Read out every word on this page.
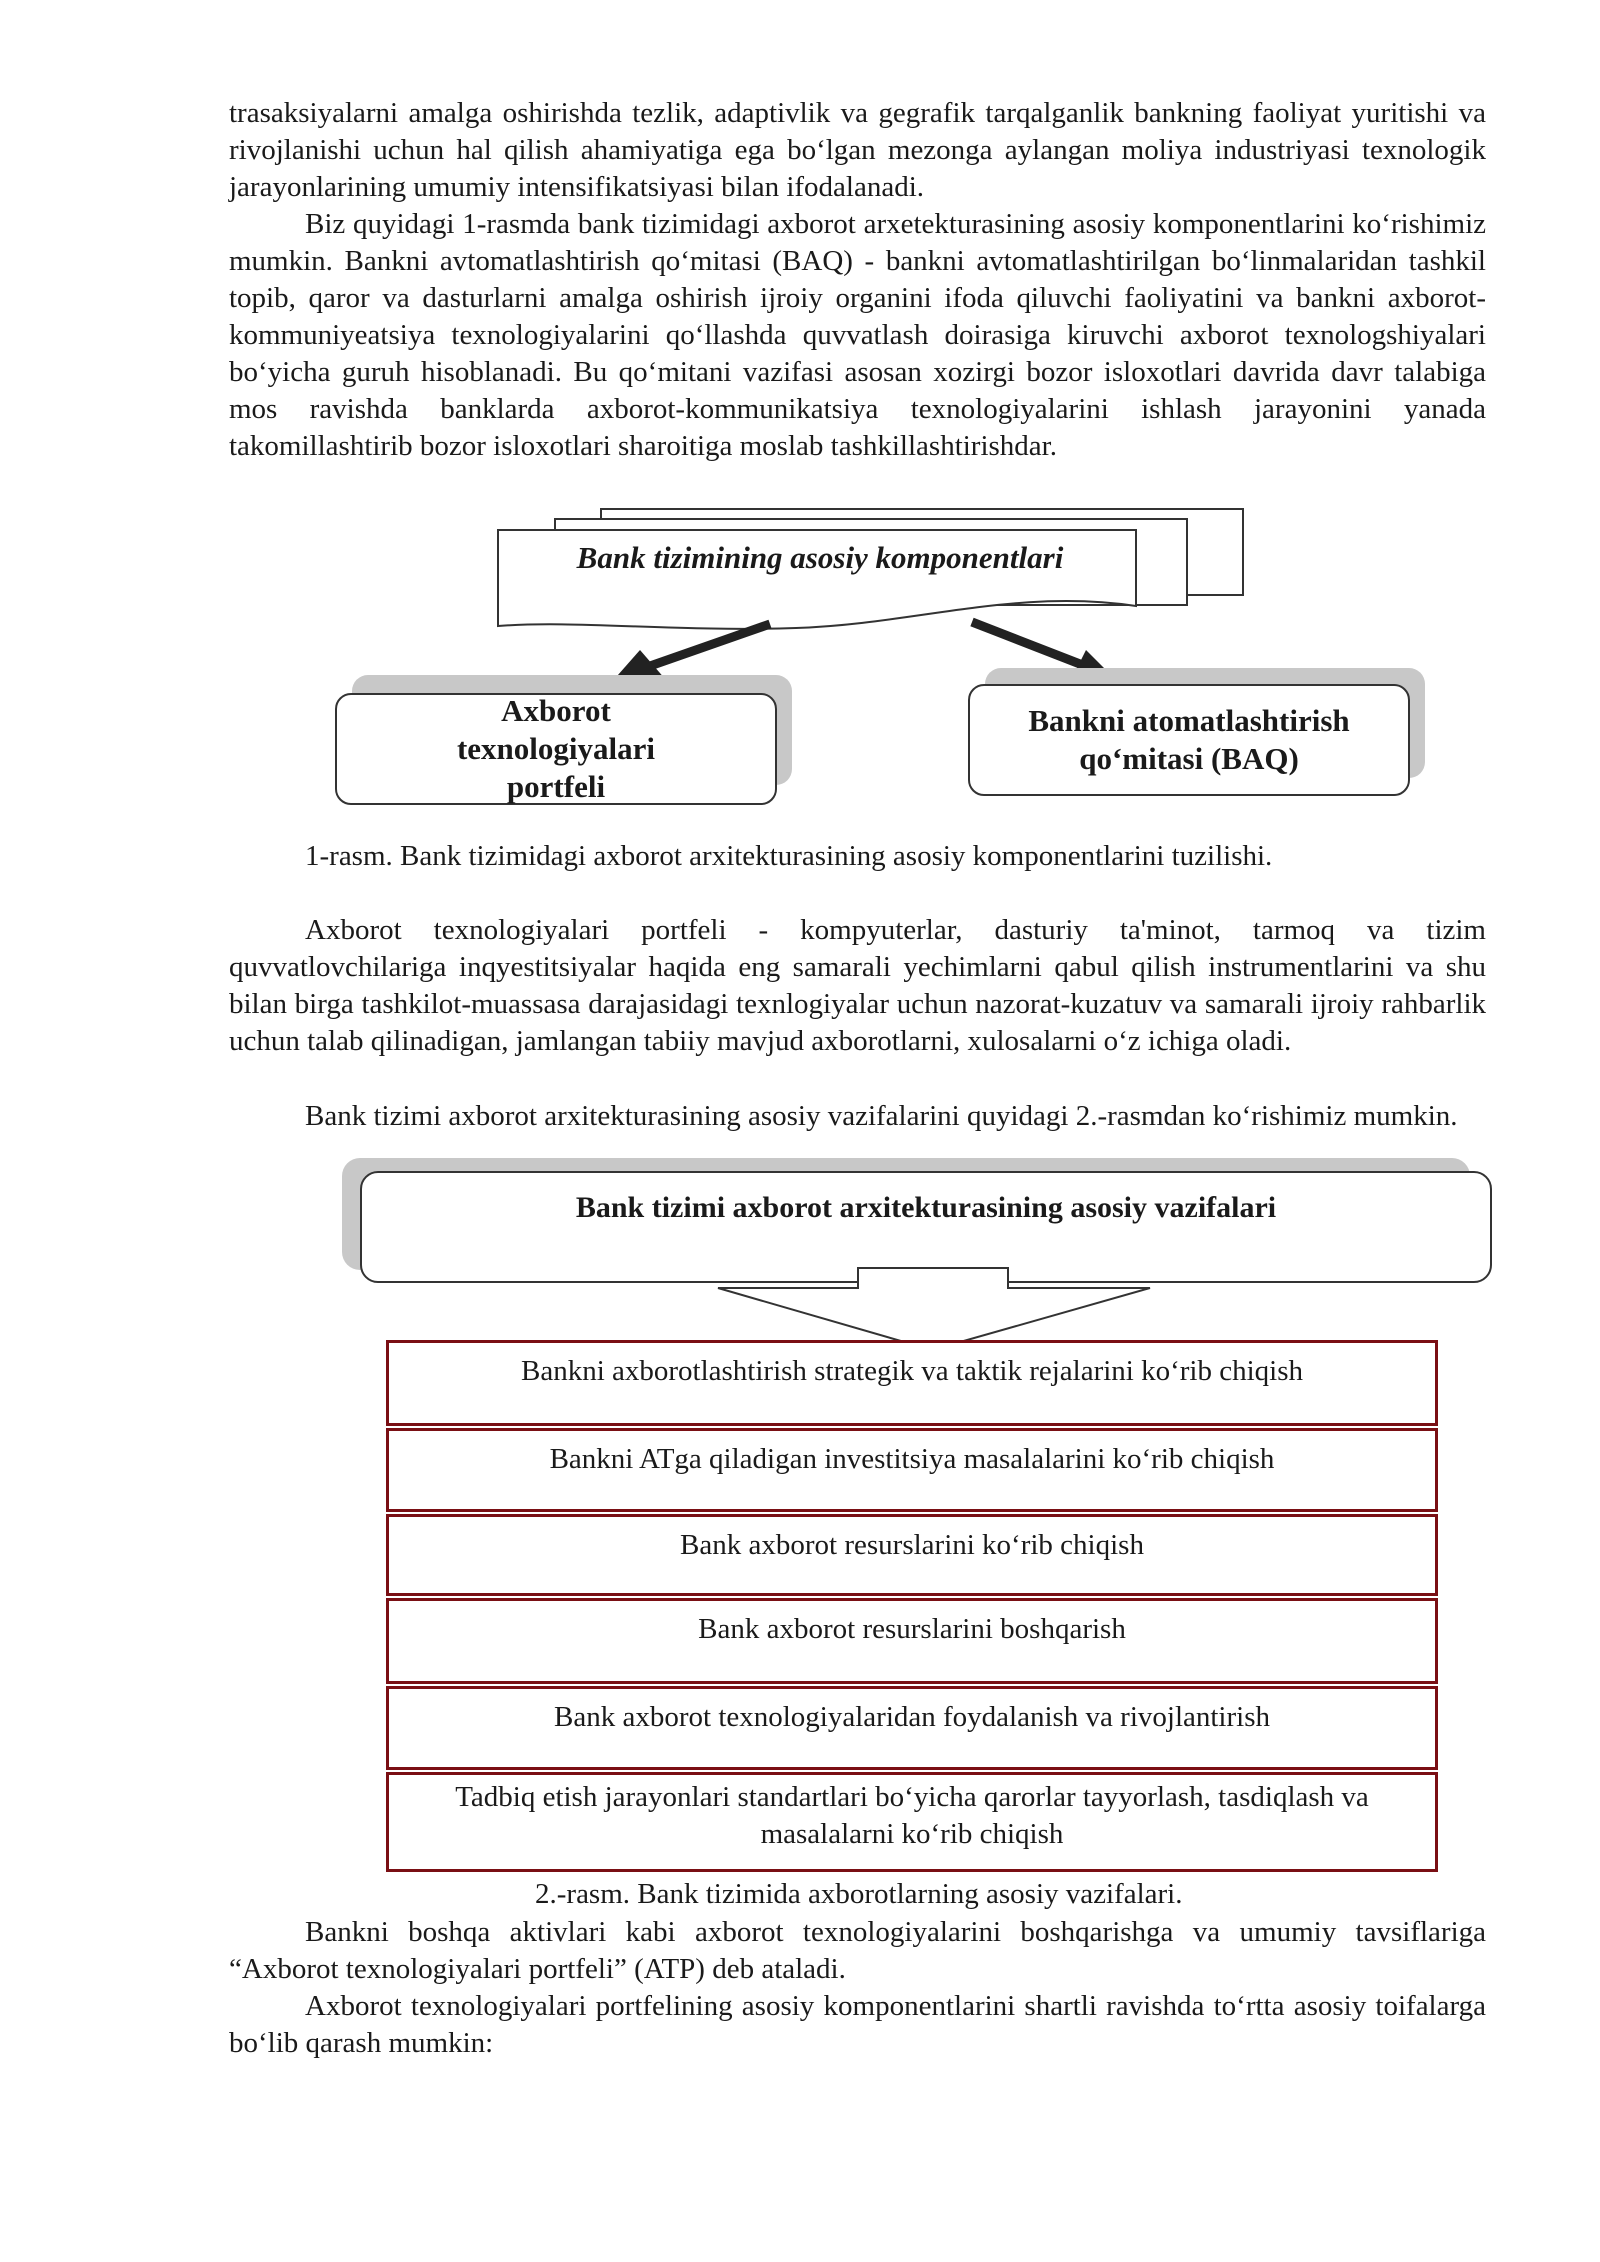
trasaksiyalarni amalga oshirishda tezlik, adaptivlik va gegrafik tarqalganlik bankning faoliyat yuritishi va rivojlanishi uchun hal qilish ahamiyatiga ega bo‘lgan mezonga aylangan moliya industriyasi texnologik jarayonlarining umumiy intensifikatsiyasi bilan ifodalanadi.

Biz quyidagi 1-rasmda bank tizimidagi axborot arxetekturasining asosiy komponentlarini ko‘rishimiz mumkin. Bankni avtomatlashtirish qo‘mitasi (BAQ) - bankni avtomatlashtirilgan bo‘linmalaridan tashkil topib, qaror va dasturlarni amalga oshirish ijroiy organini ifoda qiluvchi faoliyatini va bankni axborot-kommuniyeatsiya texnologiyalarini qo‘llashda quvvatlash doirasiga kiruvchi axborot texnologshiyalari bo‘yicha guruh hisoblanadi. Bu qo‘mitani vazifasi asosan xozirgi bozor isloxotlari davrida davr talabiga mos ravishda banklarda axborot-kommunikatsiya texnologiyalarini ishlash jarayonini yanada takomillashtirib bozor isloxotlari sharoitiga moslab tashkillashtirishdar.

Bank tizimining asosiy komponentlari
Axborot texnologiyalari portfeli
Bankni atomatlashtirish qo‘mitasi (BAQ)

1-rasm. Bank tizimidagi axborot arxitekturasining asosiy komponentlarini tuzilishi.

Axborot texnologiyalari portfeli - kompyuterlar, dasturiy ta'minot, tarmoq va tizim quvvatlovchilariga inqyestitsiyalar haqida eng samarali yechimlarni qabul qilish instrumentlarini va shu bilan birga tashkilot-muassasa darajasidagi texnlogiyalar uchun nazorat-kuzatuv va samarali ijroiy rahbarlik uchun talab qilinadigan, jamlangan tabiiy mavjud axborotlarni, xulosalarni o‘z ichiga oladi.

Bank tizimi axborot arxitekturasining asosiy vazifalarini quyidagi 2.-rasmdan ko‘rishimiz mumkin.

Bank tizimi axborot arxitekturasining asosiy vazifalari
Bankni axborotlashtirish strategik va taktik rejalarini ko‘rib chiqish
Bankni ATga qiladigan investitsiya masalalarini ko‘rib chiqish
Bank axborot resurslarini ko‘rib chiqish
Bank axborot resurslarini boshqarish
Bank axborot texnologiyalaridan foydalanish va rivojlantirish
Tadbiq etish jarayonlari standartlari bo‘yicha qarorlar tayyorlash, tasdiqlash va masalalarni ko‘rib chiqish

2.-rasm. Bank tizimida axborotlarning asosiy vazifalari.

Bankni boshqa aktivlari kabi axborot texnologiyalarini boshqarishga va umumiy tavsiflariga “Axborot texnologiyalari portfeli” (ATP) deb ataladi.

Axborot texnologiyalari portfelining asosiy komponentlarini shartli ravishda to‘rtta asosiy toifalarga bo‘lib qarash mumkin:
